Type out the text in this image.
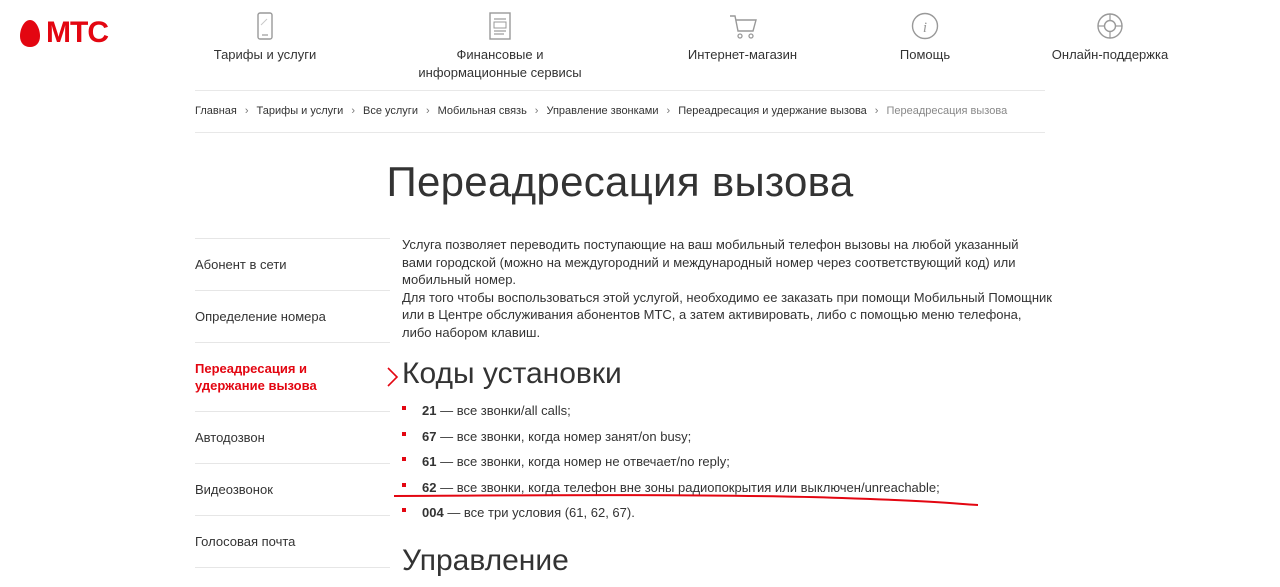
МТС
Тарифы и услуги	Финансовые и информационные сервисы
Интернет-магазин
i
Помощь	Онлайн-поддержка
Главная › Тарифы и услуги › Все услуги › Мобильная связь › Управление звонками › Переадресация и удержание вызова › Переадресация вызова
Переадресация вызова
Абонент в сети
Определение номера
Переадресация и удержание вызова
Автодозвон
Видеозвонок
Голосовая почта

Услуга позволяет переводить поступающие на ваш мобильный телефон вызовы на любой указанный вами городской (можно на междугородний и международный номер через соответствующий код) или мобильный номер.

Для того чтобы воспользоваться этой услугой, необходимо ее заказать при помощи Мобильный Помощник или в Центре обслуживания абонентов МТС, а затем активировать, либо с помощью меню телефона, либо набором клавиш.

Коды установки
21 — все звонки/all calls;
67 — все звонки, когда номер занят/on busy;
61 — все звонки, когда номер не отвечает/no reply;
62 — все звонки, когда телефон вне зоны радиопокрытия или выключен/unreachable;
004 — все три условия (61, 62, 67).
Управление
